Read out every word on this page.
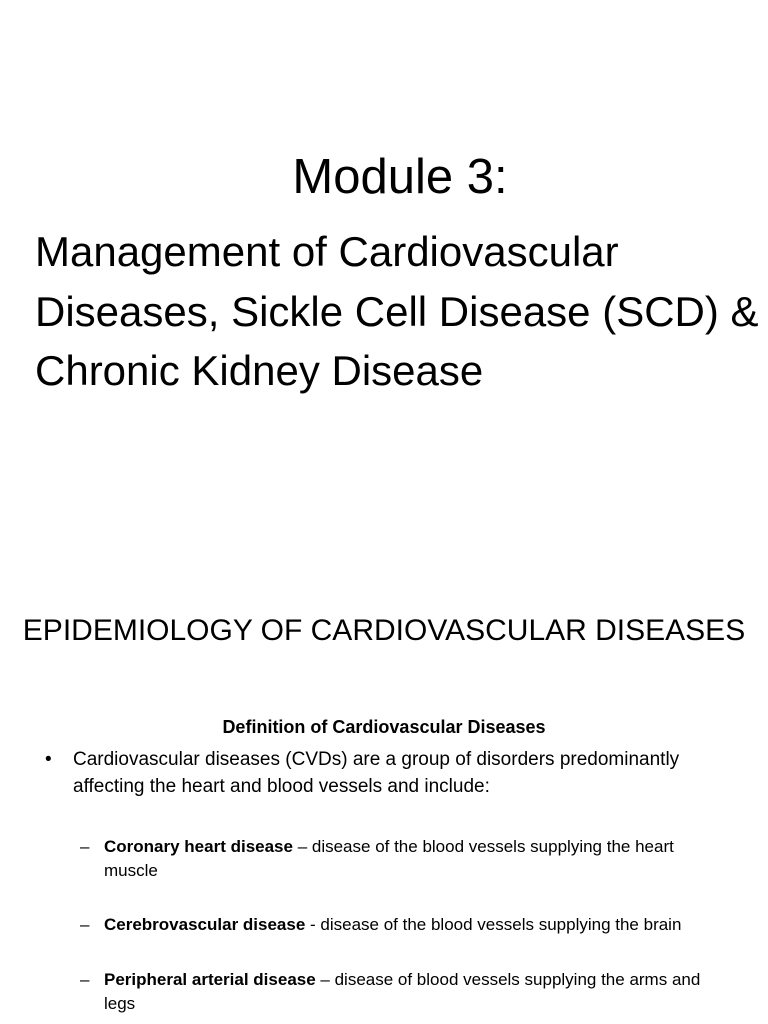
Module 3:
Management of Cardiovascular Diseases, Sickle Cell Disease (SCD) & Chronic Kidney Disease
EPIDEMIOLOGY OF CARDIOVASCULAR DISEASES
Definition of Cardiovascular Diseases
• Cardiovascular diseases (CVDs) are a group of disorders predominantly affecting the heart and blood vessels and include:
– Coronary heart disease – disease of the blood vessels supplying the heart muscle
– Cerebrovascular disease - disease of the blood vessels supplying the brain
– Peripheral arterial disease – disease of blood vessels supplying the arms and legs
